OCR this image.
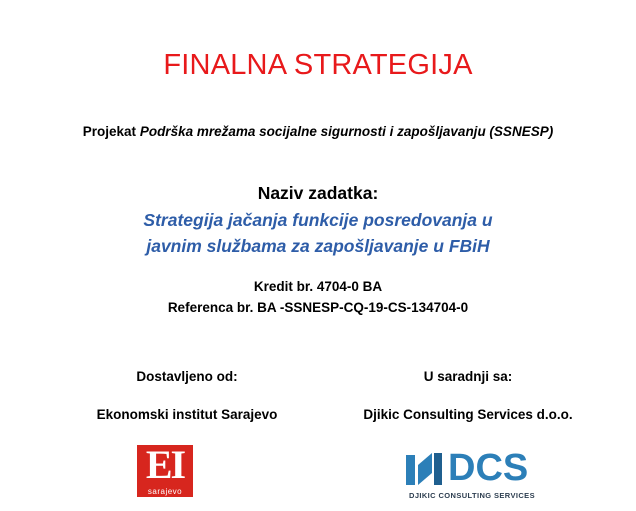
FINALNA STRATEGIJA
Projekat Podrška mrežama socijalne sigurnosti i zapošljavanju (SSNESP)
Naziv zadatka:
Strategija jačanja funkcije posredovanja u
javnim službama za zapošljavanje u FBiH
Kredit br. 4704-0 BA
Referenca br. BA -SSNESP-CQ-19-CS-134704-0
Dostavljeno od:	U saradnji sa:
Ekonomski institut Sarajevo	Djikic Consulting Services d.o.o.
EI
sarajevo
DCS
DJIKIC CONSULTING SERVICES
